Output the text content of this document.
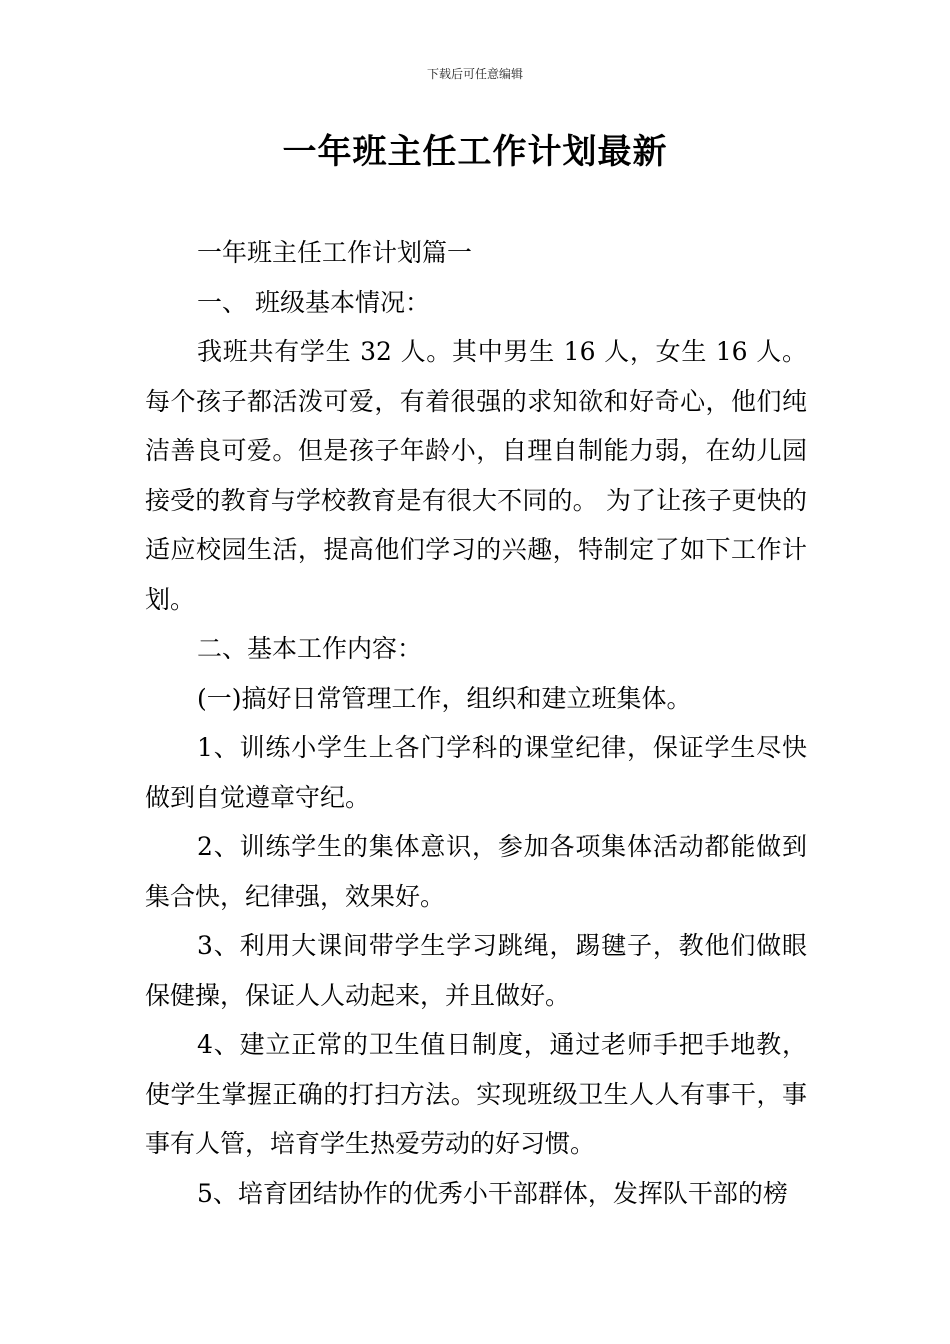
下载后可任意编辑
一年班主任工作计划最新

一年班主任工作计划篇一

一、 班级基本情况：

我班共有学生 32 人。其中男生 16 人，女生 16 人。每个孩子都活泼可爱，有着很强的求知欲和好奇心，他们纯洁善良可爱。但是孩子年龄小，自理自制能力弱，在幼儿园接受的教育与学校教育是有很大不同的。 为了让孩子更快的适应校园生活，提高他们学习的兴趣，特制定了如下工作计划。

二、基本工作内容：

(一)搞好日常管理工作，组织和建立班集体。

1、训练小学生上各门学科的课堂纪律，保证学生尽快做到自觉遵章守纪。

2、训练学生的集体意识，参加各项集体活动都能做到集合快，纪律强，效果好。

3、利用大课间带学生学习跳绳，踢毽子，教他们做眼保健操，保证人人动起来，并且做好。

4、建立正常的卫生值日制度，通过老师手把手地教，使学生掌握正确的打扫方法。实现班级卫生人人有事干，事事有人管，培育学生热爱劳动的好习惯。

5、培育团结协作的优秀小干部群体，发挥队干部的榜
